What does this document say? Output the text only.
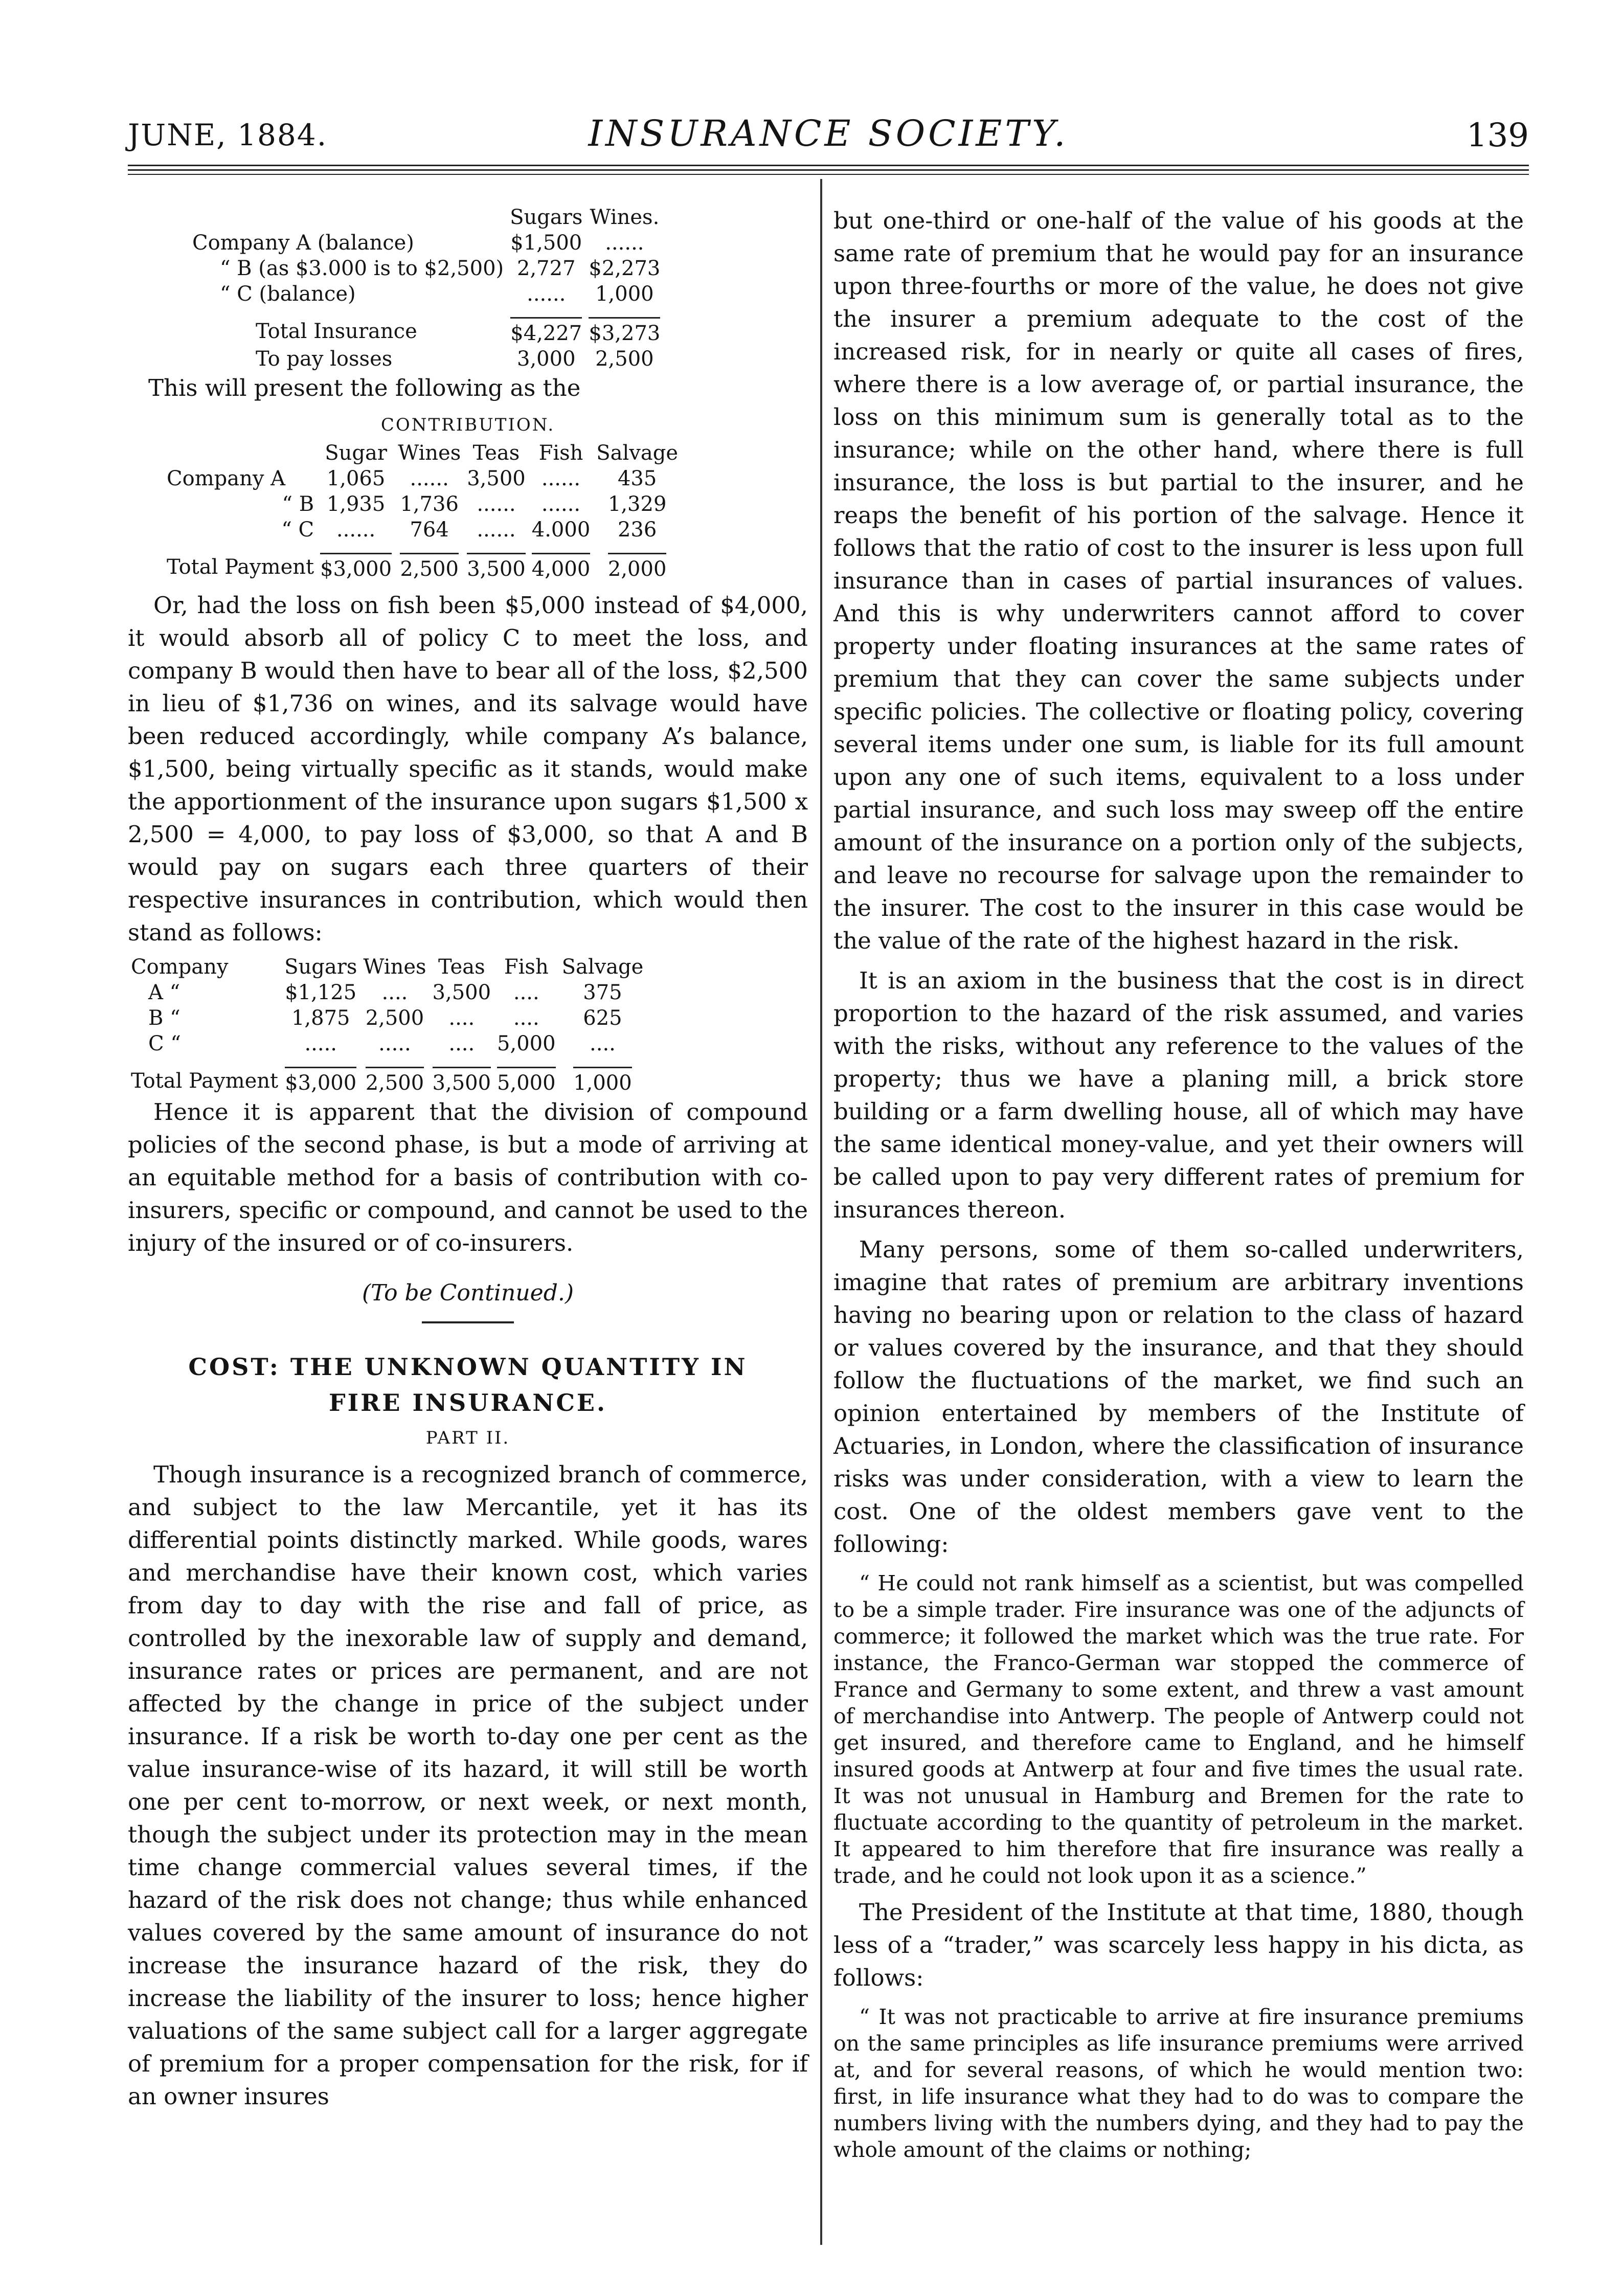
JUNE, 1884.	INSURANCE SOCIETY.	139
	Sugars	Wines.
Company A (balance)	$1,500	......
“ B (as $3.000 is to $2,500)	2,727	$2,273
“ C (balance)	......	1,000
Total Insurance	$4,227	$3,273
To pay losses	3,000	2,500

This will present the following as the

CONTRIBUTION.
	Sugar	Wines	Teas	Fish	Salvage
Company A	1,065	......	3,500	......	435
“ B	1,935	1,736	......	......	1,329
“ C	......	764	......	4.000	236
Total Payment	$3,000	2,500	3,500	4,000	2,000

Or, had the loss on fish been $5,000 instead of $4,000, it would absorb all of policy C to meet the loss, and company B would then have to bear all of the loss, $2,500 in lieu of $1,736 on wines, and its salvage would have been reduced accordingly, while company A’s balance, $1,500, being virtually specific as it stands, would make the apportionment of the insurance upon sugars $1,500 x 2,500 = 4,000, to pay loss of $3,000, so that A and B would pay on sugars each three quarters of their respective insurances in contribution, which would then stand as follows:

Company	Sugars	Wines	Teas	Fish	Salvage
A “	$1,125	....	3,500	....	375
B “	1,875	2,500	....	....	625
C “	.....	.....	....	5,000	....
Total Payment	$3,000	2,500	3,500	5,000	1,000

Hence it is apparent that the division of compound policies of the second phase, is but a mode of arriving at an equitable method for a basis of contribution with co-insurers, specific or compound, and cannot be used to the injury of the insured or of co-insurers.

(To be Continued.)
COST: THE UNKNOWN QUANTITY IN
FIRE INSURANCE.
PART II.

Though insurance is a recognized branch of commerce, and subject to the law Mercantile, yet it has its differential points distinctly marked. While goods, wares and merchandise have their known cost, which varies from day to day with the rise and fall of price, as controlled by the inexorable law of supply and demand, insurance rates or prices are permanent, and are not affected by the change in price of the subject under insurance. If a risk be worth to-day one per cent as the value insurance-wise of its hazard, it will still be worth one per cent to-morrow, or next week, or next month, though the subject under its protection may in the mean time change commercial values several times, if the hazard of the risk does not change; thus while enhanced values covered by the same amount of insurance do not increase the insurance hazard of the risk, they do increase the liability of the insurer to loss; hence higher valuations of the same subject call for a larger aggregate of premium for a proper compensation for the risk, for if an owner insures

but one-third or one-half of the value of his goods at the same rate of premium that he would pay for an insurance upon three-fourths or more of the value, he does not give the insurer a premium adequate to the cost of the increased risk, for in nearly or quite all cases of fires, where there is a low average of, or partial insurance, the loss on this minimum sum is generally total as to the insurance; while on the other hand, where there is full insurance, the loss is but partial to the insurer, and he reaps the benefit of his portion of the salvage. Hence it follows that the ratio of cost to the insurer is less upon full insurance than in cases of partial insurances of values. And this is why underwriters cannot afford to cover property under floating insurances at the same rates of premium that they can cover the same subjects under specific policies. The collective or floating policy, covering several items under one sum, is liable for its full amount upon any one of such items, equivalent to a loss under partial insurance, and such loss may sweep off the entire amount of the insurance on a portion only of the subjects, and leave no recourse for salvage upon the remainder to the insurer. The cost to the insurer in this case would be the value of the rate of the highest hazard in the risk.

It is an axiom in the business that the cost is in direct proportion to the hazard of the risk assumed, and varies with the risks, without any reference to the values of the property; thus we have a planing mill, a brick store building or a farm dwelling house, all of which may have the same identical money-value, and yet their owners will be called upon to pay very different rates of premium for insurances thereon.

Many persons, some of them so-called underwriters, imagine that rates of premium are arbitrary inventions having no bearing upon or relation to the class of hazard or values covered by the insurance, and that they should follow the fluctuations of the market, we find such an opinion entertained by members of the Institute of Actuaries, in London, where the classification of insurance risks was under consideration, with a view to learn the cost. One of the oldest members gave vent to the following:

“ He could not rank himself as a scientist, but was compelled to be a simple trader. Fire insurance was one of the adjuncts of commerce; it followed the market which was the true rate. For instance, the Franco-German war stopped the commerce of France and Germany to some extent, and threw a vast amount of merchandise into Antwerp. The people of Antwerp could not get insured, and therefore came to England, and he himself insured goods at Antwerp at four and five times the usual rate. It was not unusual in Hamburg and Bremen for the rate to fluctuate according to the quantity of petroleum in the market. It appeared to him therefore that fire insurance was really a trade, and he could not look upon it as a science.”

The President of the Institute at that time, 1880, though less of a “trader,” was scarcely less happy in his dicta, as follows:

“ It was not practicable to arrive at fire insurance premiums on the same principles as life insurance premiums were arrived at, and for several reasons, of which he would mention two: first, in life insurance what they had to do was to compare the numbers living with the numbers dying, and they had to pay the whole amount of the claims or nothing;
